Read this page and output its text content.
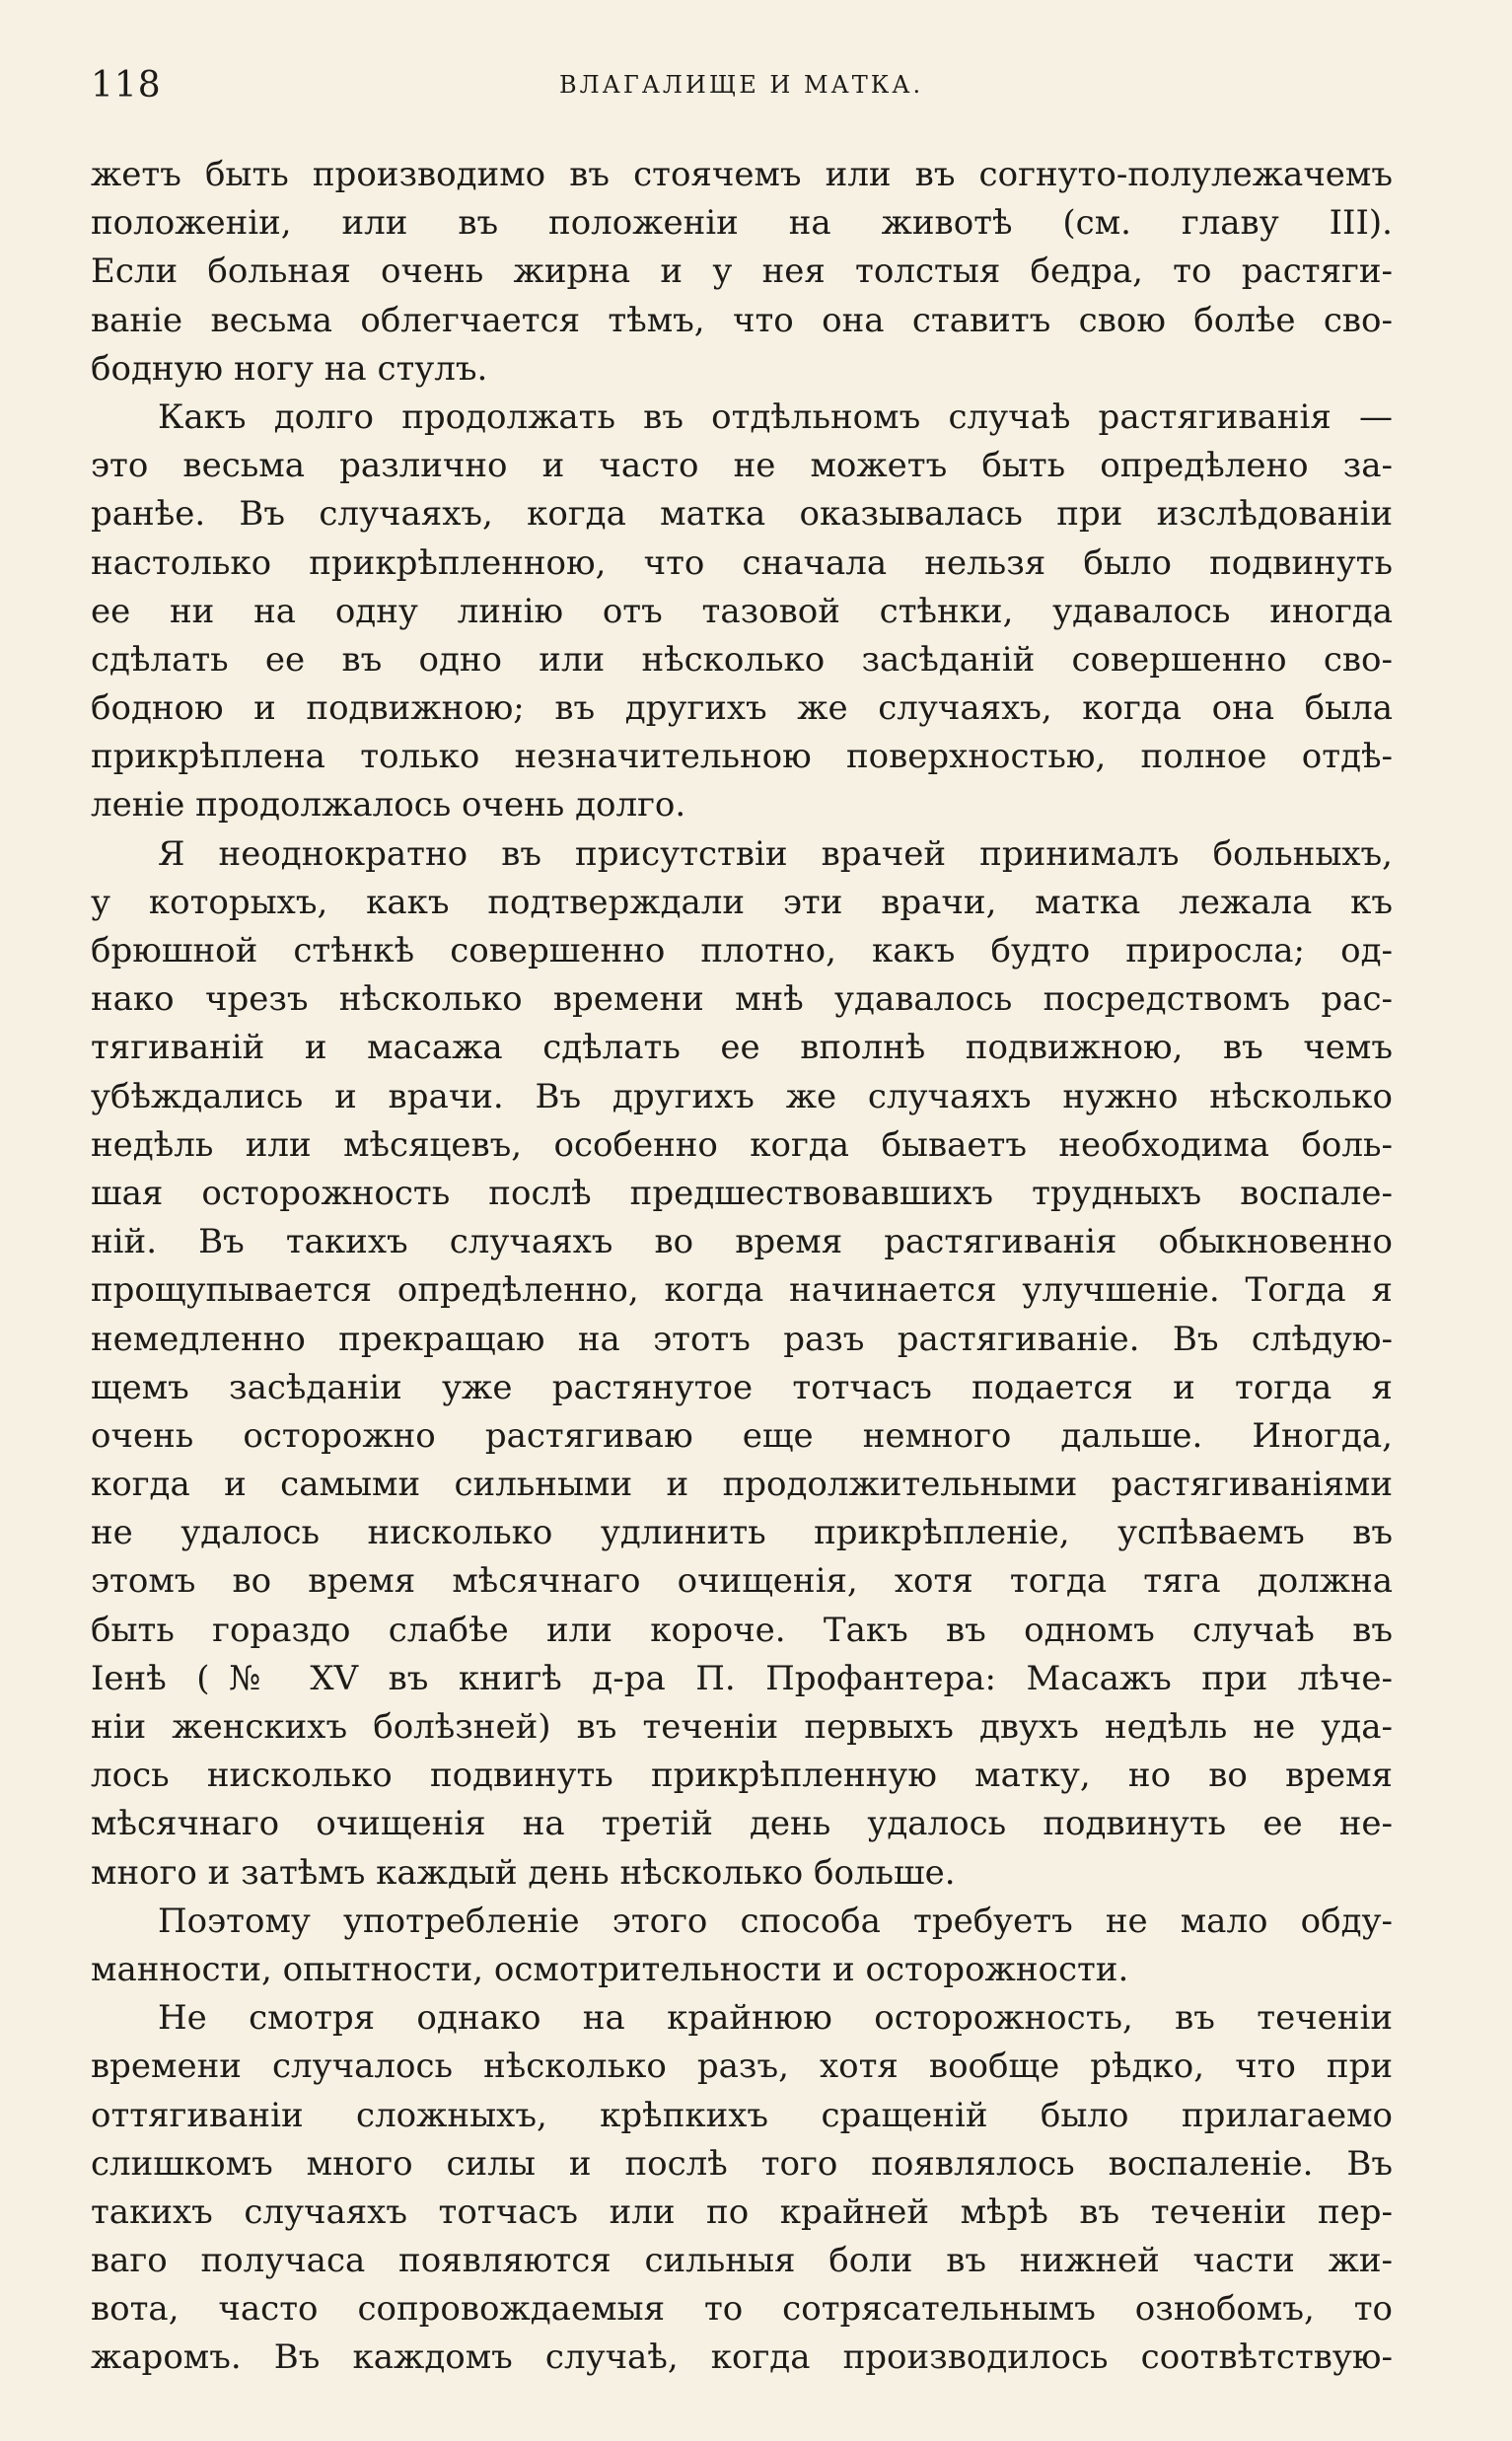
118	ВЛАГАЛИЩЕ И МАТКА.
жетъ быть производимо въ стоячемъ или въ согнуто-полулежачемъ
положеніи, или въ положеніи на животѣ (см. главу III).
Если больная очень жирна и у нея толстыя бедра, то растяги-
ваніе весьма облегчается тѣмъ, что она ставитъ свою болѣе сво-
бодную ногу на стулъ.
Какъ долго продолжать въ отдѣльномъ случаѣ растягиванія —
это весьма различно и часто не можетъ быть опредѣлено за-
ранѣе. Въ случаяхъ, когда матка оказывалась при изслѣдованіи
настолько прикрѣпленною, что сначала нельзя было подвинуть
ее ни на одну линію отъ тазовой стѣнки, удавалось иногда
сдѣлать ее въ одно или нѣсколько засѣданій совершенно сво-
бодною и подвижною; въ другихъ же случаяхъ, когда она была
прикрѣплена только незначительною поверхностью, полное отдѣ-
леніе продолжалось очень долго.
Я неоднократно въ присутствіи врачей принималъ больныхъ,
у которыхъ, какъ подтверждали эти врачи, матка лежала къ
брюшной стѣнкѣ совершенно плотно, какъ будто приросла; од-
нако чрезъ нѣсколько времени мнѣ удавалось посредствомъ рас-
тягиваній и масажа сдѣлать ее вполнѣ подвижною, въ чемъ
убѣждались и врачи. Въ другихъ же случаяхъ нужно нѣсколько
недѣль или мѣсяцевъ, особенно когда бываетъ необходима боль-
шая осторожность послѣ предшествовавшихъ трудныхъ воспале-
ній. Въ такихъ случаяхъ во время растягиванія обыкновенно
прощупывается опредѣленно, когда начинается улучшеніе. Тогда я
немедленно прекращаю на этотъ разъ растягиваніе. Въ слѣдую-
щемъ засѣданіи уже растянутое тотчасъ подается и тогда я
очень осторожно растягиваю еще немного дальше. Иногда,
когда и самыми сильными и продолжительными растягиваніями
не удалось нисколько удлинить прикрѣпленіе, успѣваемъ въ
этомъ во время мѣсячнаго очищенія, хотя тогда тяга должна
быть гораздо слабѣе или короче. Такъ въ одномъ случаѣ въ
Іенѣ (№ XV въ книгѣ д-ра П. Профантера: Масажъ при лѣче-
ніи женскихъ болѣзней) въ теченіи первыхъ двухъ недѣль не уда-
лось нисколько подвинуть прикрѣпленную матку, но во время
мѣсячнаго очищенія на третій день удалось подвинуть ее не-
много и затѣмъ каждый день нѣсколько больше.
Поэтому употребленіе этого способа требуетъ не мало обду-
манности, опытности, осмотрительности и осторожности.
Не смотря однако на крайнюю осторожность, въ теченіи
времени случалось нѣсколько разъ, хотя вообще рѣдко, что при
оттягиваніи сложныхъ, крѣпкихъ сращеній было прилагаемо
слишкомъ много силы и послѣ того появлялось воспаленіе. Въ
такихъ случаяхъ тотчасъ или по крайней мѣрѣ въ теченіи пер-
ваго получаса появляются сильныя боли въ нижней части жи-
вота, часто сопровождаемыя то сотрясательнымъ ознобомъ, то
жаромъ. Въ каждомъ случаѣ, когда производилось соотвѣтствую-
